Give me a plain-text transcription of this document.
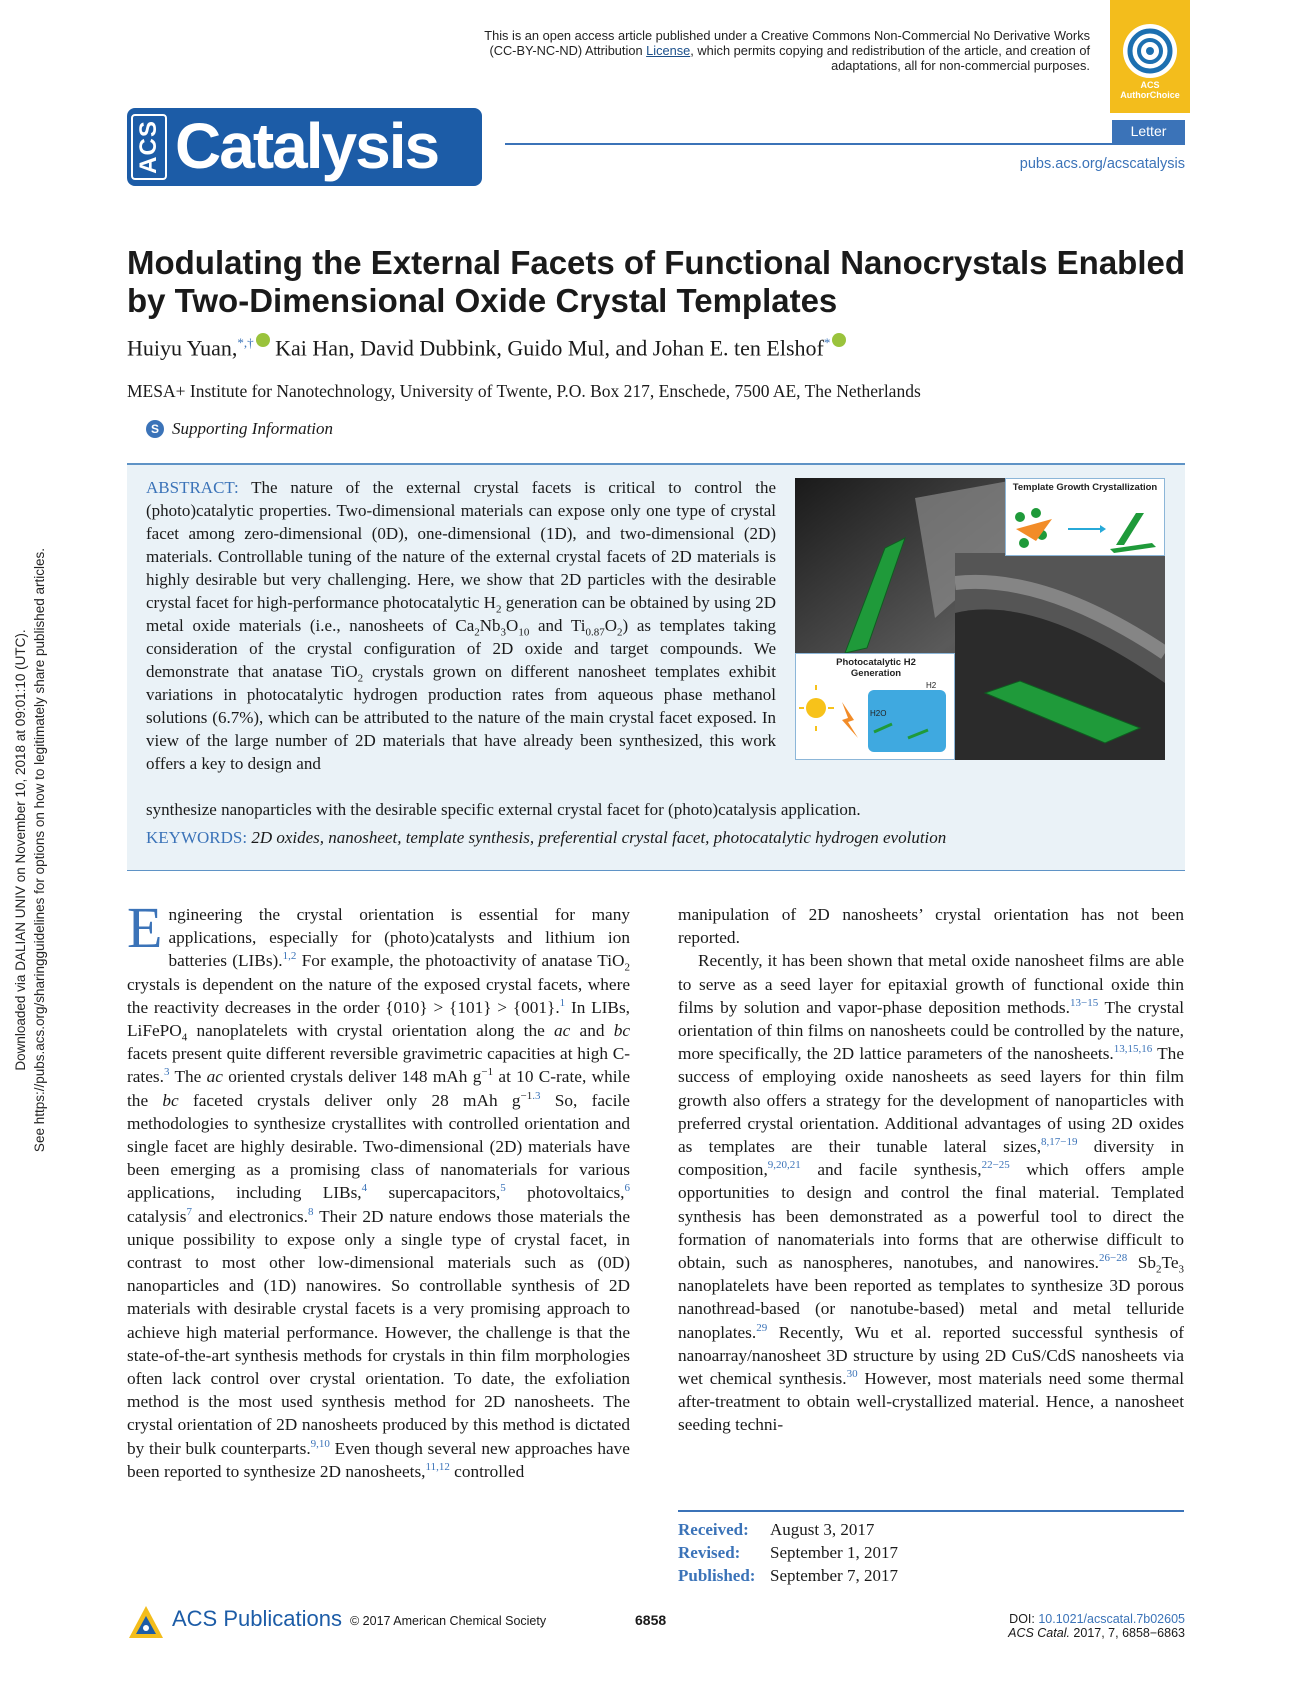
Downloaded via DALIAN UNIV on November 10, 2018 at 09:01:10 (UTC). See https://pubs.acs.org/sharingguidelines for options on how to legitimately share published articles.
This is an open access article published under a Creative Commons Non-Commercial No Derivative Works (CC-BY-NC-ND) Attribution License, which permits copying and redistribution of the article, and creation of adaptations, all for non-commercial purposes.
ACS AuthorChoice
ACS Catalysis	Letter
pubs.acs.org/acscatalysis
Modulating the External Facets of Functional Nanocrystals Enabled by Two-Dimensional Oxide Crystal Templates
Huiyu Yuan,*,† Kai Han, David Dubbink, Guido Mul, and Johan E. ten Elshof*
MESA+ Institute for Nanotechnology, University of Twente, P.O. Box 217, Enschede, 7500 AE, The Netherlands
S Supporting Information
ABSTRACT: The nature of the external crystal facets is critical to control the (photo)catalytic properties. Two-dimensional materials can expose only one type of crystal facet among zero-dimensional (0D), one-dimensional (1D), and two-dimensional (2D) materials. Controllable tuning of the nature of the external crystal facets of 2D materials is highly desirable but very challenging. Here, we show that 2D particles with the desirable crystal facet for high-performance photocatalytic $H_2$ generation can be obtained by using 2D metal oxide materials (i.e., nanosheets of $Ca_2Nb_3O_{10}$ and $Ti_{0.87}O_2$) as templates taking consideration of the crystal configuration of 2D oxide and target compounds. We demonstrate that anatase TiO$_2$ crystals grown on different nanosheet templates exhibit variations in photocatalytic hydrogen production rates from aqueous phase methanol solutions (6.7%), which can be attributed to the nature of the main crystal facet exposed. In view of the large number of 2D materials that have already been synthesized, this work offers a key to design and
synthesize nanoparticles with the desirable specific external crystal facet for (photo)catalysis application.
KEYWORDS: 2D oxides, nanosheet, template synthesis, preferential crystal facet, photocatalytic hydrogen evolution
Template Growth Crystallization
Photocatalytic H2 Generation
H2
H2O
Engineering the crystal orientation is essential for many applications, especially for (photo)catalysts and lithium ion batteries (LIBs).$^{1,2}$ For example, the photoactivity of anatase TiO$_2$ crystals is dependent on the nature of the exposed crystal facets, where the reactivity decreases in the order {010} > {101} > {001}.$^1$ In LIBs, LiFePO$_4$ nanoplatelets with crystal orientation along the ac and bc facets present quite different reversible gravimetric capacities at high C-rates.$^3$ The ac oriented crystals deliver 148 mAh $g^{-1}$ at 10 C-rate, while the bc faceted crystals deliver only 28 mAh g$^{-1.3}$ So, facile methodologies to synthesize crystallites with controlled orientation and single facet are highly desirable. Two-dimensional (2D) materials have been emerging as a promising class of nanomaterials for various applications, including LIBs,$^4$ supercapacitors,$^5$ photovoltaics,$^6$ catalysis$^7$ and electronics.$^8$ Their 2D nature endows those materials the unique possibility to expose only a single type of crystal facet, in contrast to most other low-dimensional materials such as (0D) nanoparticles and (1D) nanowires. So controllable synthesis of 2D materials with desirable crystal facets is a very promising approach to achieve high material performance. However, the challenge is that the state-of-the-art synthesis methods for crystals in thin film morphologies often lack control over crystal orientation. To date, the exfoliation method is the most used synthesis method for 2D nanosheets. The crystal orientation of 2D nanosheets produced by this method is dictated by their bulk counterparts.$^{9,10}$ Even though several new approaches have been reported to synthesize 2D nanosheets,$^{11,12}$ controlled
manipulation of 2D nanosheets’ crystal orientation has not been reported.
Recently, it has been shown that metal oxide nanosheet films are able to serve as a seed layer for epitaxial growth of functional oxide thin films by solution and vapor-phase deposition methods.$^{13-15}$ The crystal orientation of thin films on nanosheets could be controlled by the nature, more specifically, the 2D lattice parameters of the nanosheets.$^{13,15,16}$ The success of employing oxide nanosheets as seed layers for thin film growth also offers a strategy for the development of nanoparticles with preferred crystal orientation. Additional advantages of using 2D oxides as templates are their tunable lateral sizes,$^{8,17-19}$ diversity in composition,$^{9,20,21}$ and facile synthesis,$^{22-25}$ which offers ample opportunities to design and control the final material. Templated synthesis has been demonstrated as a powerful tool to direct the formation of nanomaterials into forms that are otherwise difficult to obtain, such as nanospheres, nanotubes, and nanowires.$^{26-28}$ $Sb_2Te_3$ nanoplatelets have been reported as templates to synthesize 3D porous nanothread-based (or nanotube-based) metal and metal telluride nanoplates.$^{29}$ Recently, Wu et al. reported successful synthesis of nanoarray/nanosheet 3D structure by using 2D CuS/CdS nanosheets via wet chemical synthesis.$^{30}$ However, most materials need some thermal after-treatment to obtain well-crystallized material. Hence, a nanosheet seeding techni-
Received:	August 3, 2017
Revised:	September 1, 2017
Published: September 7, 2017
ACS Publications © 2017 American Chemical Society	6858	DOI: 10.1021/acscatal.7b02605
ACS Catal. 2017, 7, 6858−6863
